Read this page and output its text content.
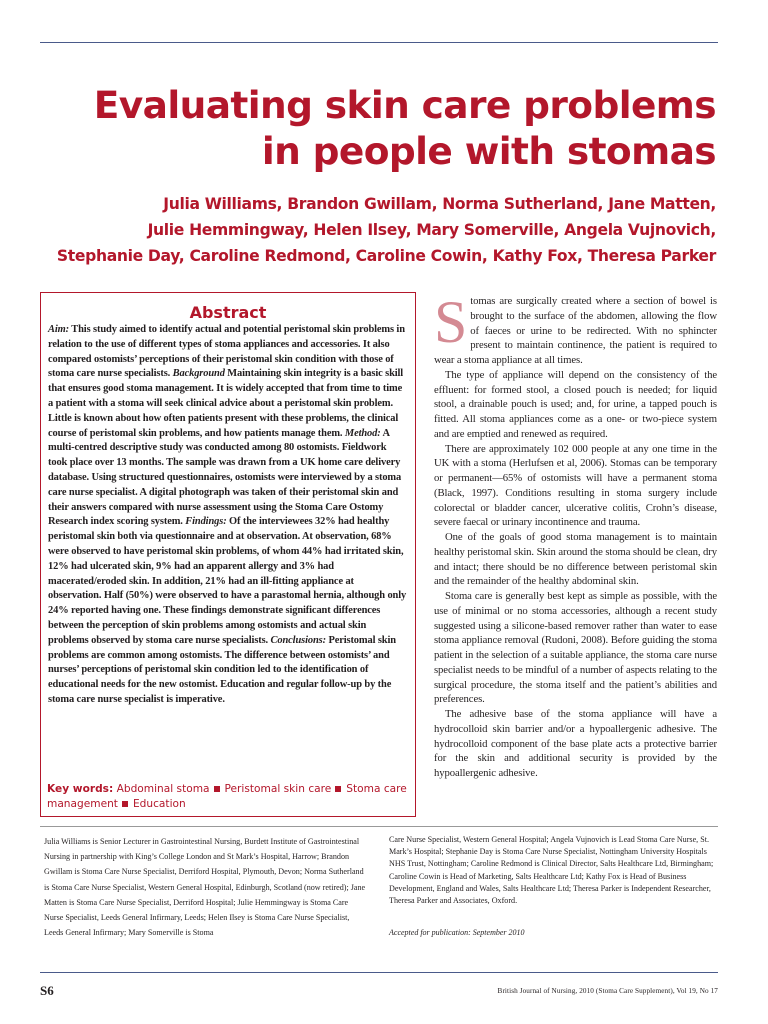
Evaluating skin care problems
in people with stomas
Julia Williams, Brandon Gwillam, Norma Sutherland, Jane Matten,
Julie Hemmingway, Helen Ilsey, Mary Somerville, Angela Vujnovich,
Stephanie Day, Caroline Redmond, Caroline Cowin, Kathy Fox, Theresa Parker
Abstract

Aim: This study aimed to identify actual and potential peristomal skin problems in relation to the use of different types of stoma appliances and accessories. It also compared ostomists’ perceptions of their peristomal skin condition with those of stoma care nurse specialists. Background Maintaining skin integrity is a basic skill that ensures good stoma management. It is widely accepted that from time to time a patient with a stoma will seek clinical advice about a peristomal skin problem. Little is known about how often patients present with these problems, the clinical course of peristomal skin problems, and how patients manage them. Method: A multi-centred descriptive study was conducted among 80 ostomists. Fieldwork took place over 13 months. The sample was drawn from a UK home care delivery database. Using structured questionnaires, ostomists were interviewed by a stoma care nurse specialist. A digital photograph was taken of their peristomal skin and their answers compared with nurse assessment using the Stoma Care Ostomy Research index scoring system. Findings: Of the interviewees 32% had healthy peristomal skin both via questionnaire and at observation. At observation, 68% were observed to have peristomal skin problems, of whom 44% had irritated skin, 12% had ulcerated skin, 9% had an apparent allergy and 3% had macerated/eroded skin. In addition, 21% had an ill-fitting appliance at observation. Half (50%) were observed to have a parastomal hernia, although only 24% reported having one. These findings demonstrate significant differences between the perception of skin problems among ostomists and actual skin problems observed by stoma care nurse specialists. Conclusions: Peristomal skin problems are common among ostomists. The difference between ostomists’ and nurses’ perceptions of peristomal skin condition led to the identification of educational needs for the new ostomist. Education and regular follow-up by the stoma care nurse specialist is imperative.

Key words: Abdominal stoma Peristomal skin care Stoma care management Education

Stomas are surgically created where a section of bowel is brought to the surface of the abdomen, allowing the flow of faeces or urine to be redirected. With no sphincter present to maintain continence, the patient is required to wear a stoma appliance at all times.

The type of appliance will depend on the consistency of the effluent: for formed stool, a closed pouch is needed; for liquid stool, a drainable pouch is used; and, for urine, a tapped pouch is fitted. All stoma appliances come as a one- or two-piece system and are emptied and renewed as required.

There are approximately 102 000 people at any one time in the UK with a stoma (Herlufsen et al, 2006). Stomas can be temporary or permanent—65% of ostomists will have a permanent stoma (Black, 1997). Conditions resulting in stoma surgery include colorectal or bladder cancer, ulcerative colitis, Crohn’s disease, severe faecal or urinary incontinence and trauma.

One of the goals of good stoma management is to maintain healthy peristomal skin. Skin around the stoma should be clean, dry and intact; there should be no difference between peristomal skin and the remainder of the healthy abdominal skin.

Stoma care is generally best kept as simple as possible, with the use of minimal or no stoma accessories, although a recent study suggested using a silicone-based remover rather than water to ease stoma appliance removal (Rudoni, 2008). Before guiding the stoma patient in the selection of a suitable appliance, the stoma care nurse specialist needs to be mindful of a number of aspects relating to the surgical procedure, the stoma itself and the patient’s abilities and preferences.

The adhesive base of the stoma appliance will have a hydrocolloid skin barrier and/or a hypoallergenic adhesive. The hydrocolloid component of the base plate acts a protective barrier for the skin and additional security is provided by the hypoallergenic adhesive.

Julia Williams is Senior Lecturer in Gastrointestinal Nursing, Burdett Institute of Gastrointestinal Nursing in partnership with King’s College London and St Mark’s Hospital, Harrow; Brandon Gwillam is Stoma Care Nurse Specialist, Derriford Hospital, Plymouth, Devon; Norma Sutherland is Stoma Care Nurse Specialist, Western General Hospital, Edinburgh, Scotland (now retired); Jane Matten is Stoma Care Nurse Specialist, Derriford Hospital; Julie Hemmingway is Stoma Care Nurse Specialist, Leeds General Infirmary, Leeds; Helen Ilsey is Stoma Care Nurse Specialist, Leeds General Infirmary; Mary Somerville is Stoma
Care Nurse Specialist, Western General Hospital; Angela Vujnovich is Lead Stoma Care Nurse, St. Mark’s Hospital; Stephanie Day is Stoma Care Nurse Specialist, Nottingham University Hospitals NHS Trust, Nottingham; Caroline Redmond is Clinical Director, Salts Healthcare Ltd, Birmingham; Caroline Cowin is Head of Marketing, Salts Healthcare Ltd; Kathy Fox is Head of Business Development, England and Wales, Salts Healthcare Ltd; Theresa Parker is Independent Researcher, Theresa Parker and Associates, Oxford.
Accepted for publication: September 2010
S6	British Journal of Nursing, 2010 (Stoma Care Supplement), Vol 19, No 17
